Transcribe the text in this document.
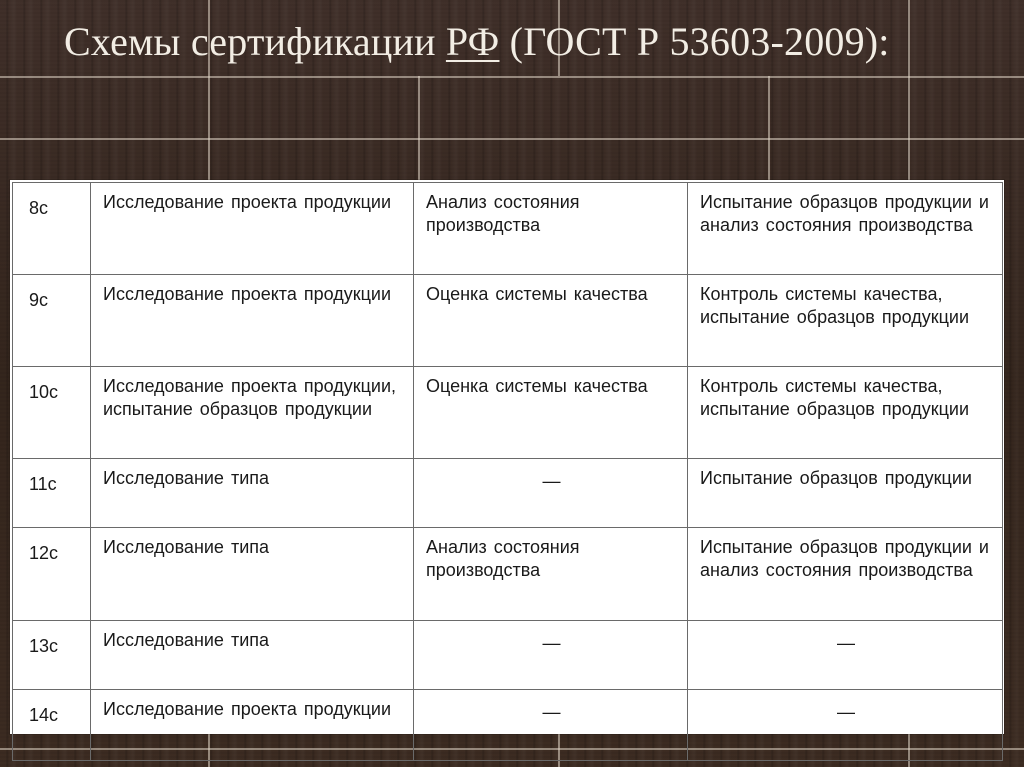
Схемы сертификации РФ (ГОСТ Р 53603-2009):
8с	Исследование проекта продукции	Анализ состояния производства	Испытание образцов продукции и анализ состояния производства
9с	Исследование проекта продукции	Оценка системы качества	Контроль системы качества, испытание образцов продукции
10с	Исследование проекта продукции, испытание образцов продукции	Оценка системы качества	Контроль системы качества, испытание образцов продукции
11с	Исследование типа	—	Испытание образцов продукции
12с	Исследование типа	Анализ состояния производства	Испытание образцов продукции и анализ состояния производства
13с	Исследование типа	—	—
14с	Исследование проекта продукции	—	—
